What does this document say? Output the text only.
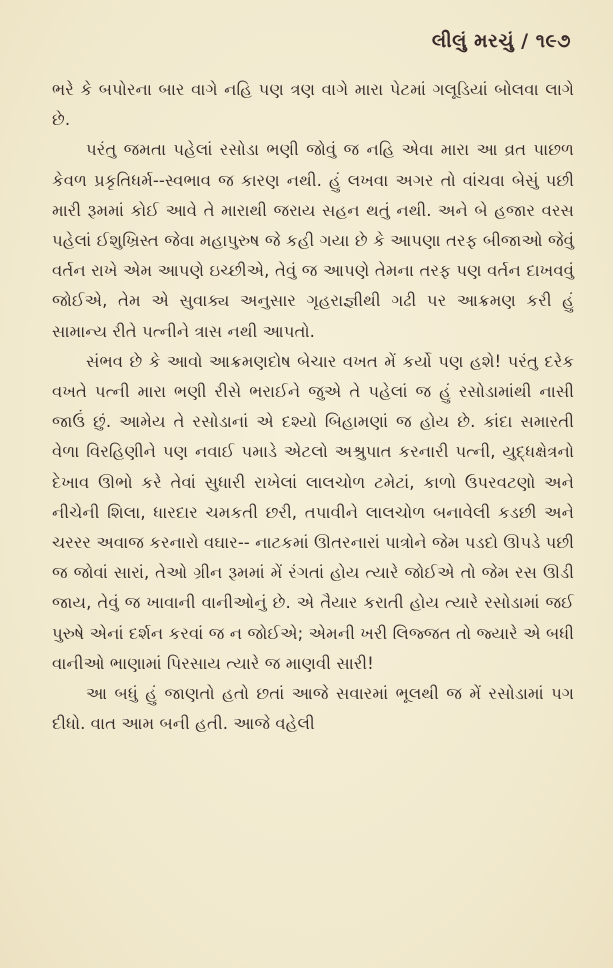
લીલું મરચું / ૧૯૭

ભરે કે બપોરના બાર વાગે નહિ પણ ત્રણ વાગે મારા પેટમાં ગલૂડિયાં બોલવા લાગે છે.

પરંતુ જમતા પહેલાં રસોડા ભણી જોવું જ નહિ એવા મારા આ વ્રત પાછળ કેવળ પ્રકૃતિધર્મ--સ્વભાવ જ કારણ નથી. હું લખવા અગર તો વાંચવા બેસું પછી મારી રૂમમાં કોઈ આવે તે મારાથી જરાય સહન થતું નથી. અને બે હજાર વરસ પહેલાં ઈશુખ્રિસ્ત જેવા મહાપુરુષ જે કહી ગયા છે કે આપણા તરફ બીજાઓ જેવું વર્તન રાખે એમ આપણે ઇચ્છીએ, તેવું જ આપણે તેમના તરફ પણ વર્તન દાખવવું જોઈએ, તેમ એ સુવાક્ય અનુસાર ગૃહરાજ્ઞીથી ગઢી પર આક્રમણ કરી હું સામાન્ય રીતે પત્નીને ત્રાસ નથી આપતો.

સંભવ છે કે આવો આક્રમણદોષ બેચાર વખત મેં કર્યો પણ હશે! પરંતુ દરેક વખતે પત્ની મારા ભણી રીસે ભરાઈને જુએ તે પહેલાં જ હું રસોડામાંથી નાસી જાઉં છું. આમેય તે રસોડાનાં એ દશ્યો બિહામણાં જ હોય છે. કાંદા સમારતી વેળા વિરહિણીને પણ નવાઈ પમાડે એટલો અશ્રુપાત કરનારી પત્ની, યુદ્ધક્ષેત્રનો દેખાવ ઊભો કરે તેવાં સુધારી રાખેલાં લાલચોળ ટમેટાં, કાળો ઉપરવટણો અને નીચેની શિલા, ધારદાર ચમકતી છરી, તપાવીને લાલચોળ બનાવેલી કડછી અને ચરરર અવાજ કરનારો વઘાર-- નાટકમાં ઊતરનારાં પાત્રોને જેમ પડદો ઊપડે પછી જ જોવાં સારાં, તેઓ ગ્રીન રૂમમાં મેં રંગતાં હોય ત્યારે જોઈએ તો જેમ રસ ઊડી જાય, તેવું જ ખાવાની વાનીઓનું છે. એ તૈયાર કરાતી હોય ત્યારે રસોડામાં જઈ પુરુષે એનાં દર્શન કરવાં જ ન જોઈએ; એમની ખરી લિજ્જત તો જ્યારે એ બધી વાનીઓ ભાણામાં પિરસાય ત્યારે જ માણવી સારી!

આ બધું હું જાણતો હતો છતાં આજે સવારમાં ભૂલથી જ મેં રસોડામાં પગ દીધો. વાત આમ બની હતી. આજે વહેલી
